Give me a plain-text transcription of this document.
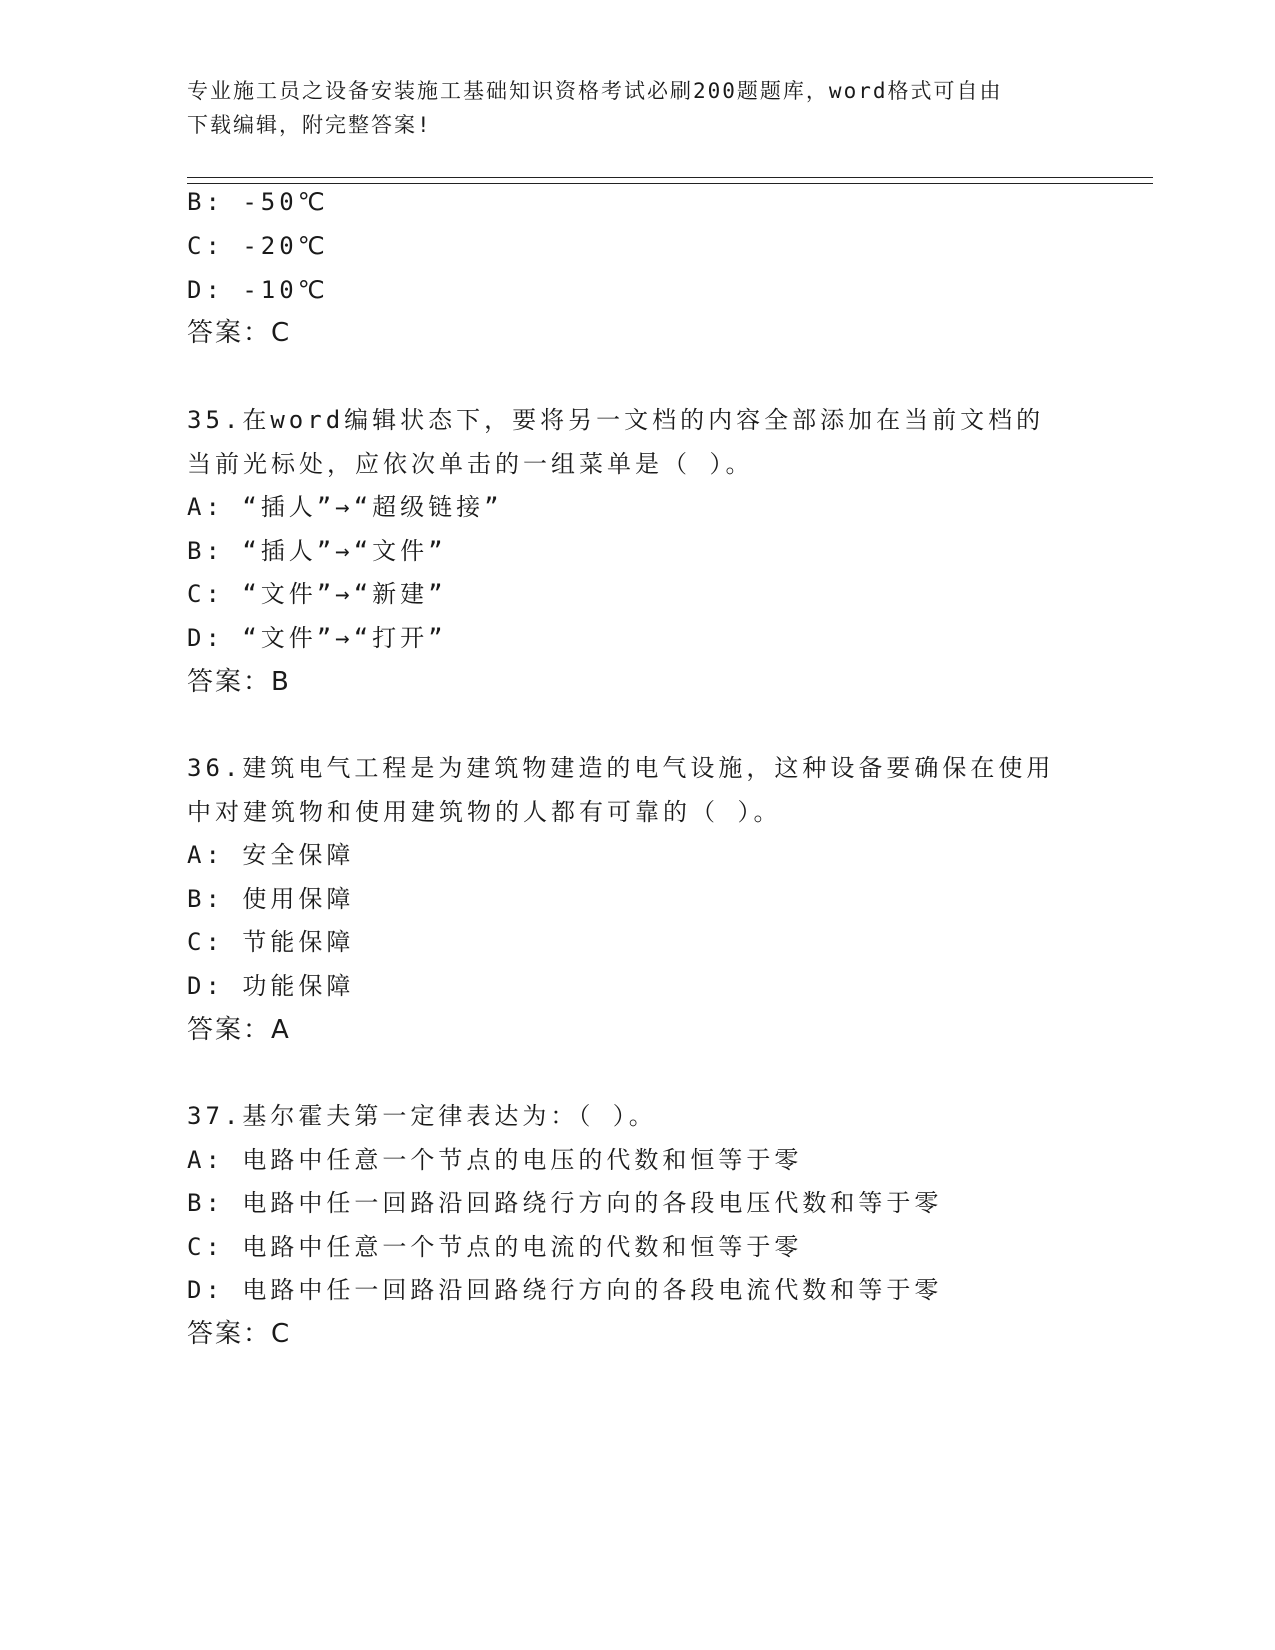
专业施工员之设备安装施工基础知识资格考试必刷200题题库，word格式可自由
下载编辑，附完整答案!
B: -50℃
C: -20℃
D: -10℃
答案：C
35.在word编辑状态下，要将另一文档的内容全部添加在当前文档的
当前光标处，应依次单击的一组菜单是（ ）。
A: “插人”→“超级链接”
B: “插人”→“文件”
C: “文件”→“新建”
D: “文件”→“打开”
答案：B
36.建筑电气工程是为建筑物建造的电气设施，这种设备要确保在使用
中对建筑物和使用建筑物的人都有可靠的（ ）。
A: 安全保障
B: 使用保障
C: 节能保障
D: 功能保障
答案：A
37.基尔霍夫第一定律表达为：（ ）。
A: 电路中任意一个节点的电压的代数和恒等于零
B: 电路中任一回路沿回路绕行方向的各段电压代数和等于零
C: 电路中任意一个节点的电流的代数和恒等于零
D: 电路中任一回路沿回路绕行方向的各段电流代数和等于零
答案：C
